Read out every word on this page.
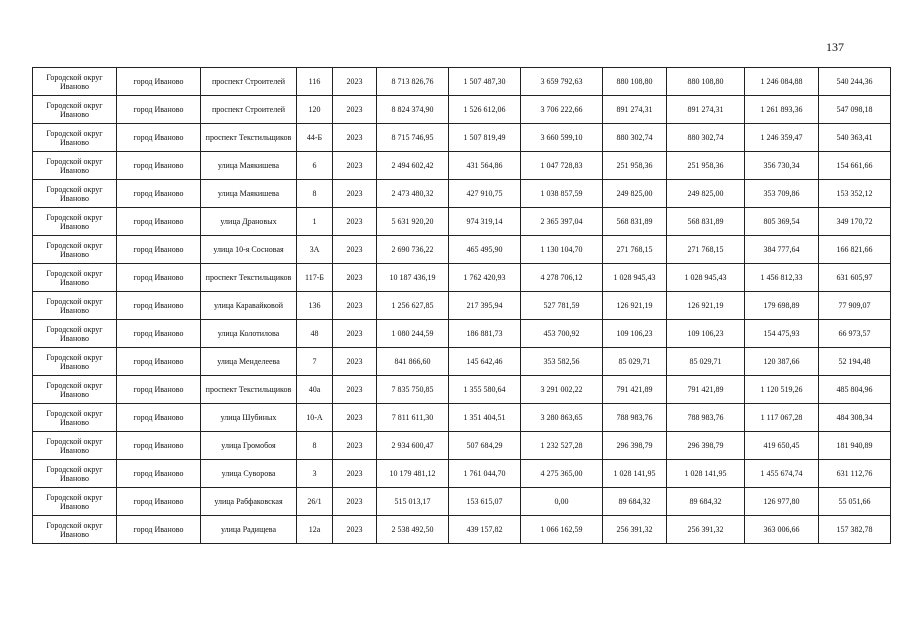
137
Городской округ Иваново	город Иваново	проспект Строителей	116	2023	8 713 826,76	1 507 487,30	3 659 792,63	880 108,80	880 108,80	1 246 084,88	540 244,36
Городской округ Иваново	город Иваново	проспект Строителей	120	2023	8 824 374,90	1 526 612,06	3 706 222,66	891 274,31	891 274,31	1 261 893,36	547 098,18
Городской округ Иваново	город Иваново	проспект Текстильщиков	44-Б	2023	8 715 746,95	1 507 819,49	3 660 599,10	880 302,74	880 302,74	1 246 359,47	540 363,41
Городской округ Иваново	город Иваново	улица Маякишева	6	2023	2 494 602,42	431 564,86	1 047 728,83	251 958,36	251 958,36	356 730,34	154 661,66
Городской округ Иваново	город Иваново	улица Маякишева	8	2023	2 473 480,32	427 910,75	1 038 857,59	249 825,00	249 825,00	353 709,86	153 352,12
Городской округ Иваново	город Иваново	улица Драновых	1	2023	5 631 920,20	974 319,14	2 365 397,04	568 831,89	568 831,89	805 369,54	349 170,72
Городской округ Иваново	город Иваново	улица 10-я Сосновая	3А	2023	2 690 736,22	465 495,90	1 130 104,70	271 768,15	271 768,15	384 777,64	166 821,66
Городской округ Иваново	город Иваново	проспект Текстильщиков	117-Б	2023	10 187 436,19	1 762 420,93	4 278 706,12	1 028 945,43	1 028 945,43	1 456 812,33	631 605,97
Городской округ Иваново	город Иваново	улица Каравайковой	136	2023	1 256 627,85	217 395,94	527 781,59	126 921,19	126 921,19	179 698,89	77 909,07
Городской округ Иваново	город Иваново	улица Колотилова	48	2023	1 080 244,59	186 881,73	453 700,92	109 106,23	109 106,23	154 475,93	66 973,57
Городской округ Иваново	город Иваново	улица Менделеева	7	2023	841 866,60	145 642,46	353 582,56	85 029,71	85 029,71	120 387,66	52 194,48
Городской округ Иваново	город Иваново	проспект Текстильщиков	40а	2023	7 835 750,85	1 355 580,64	3 291 002,22	791 421,89	791 421,89	1 120 519,26	485 804,96
Городской округ Иваново	город Иваново	улица Шубиных	10-А	2023	7 811 611,30	1 351 404,51	3 280 863,65	788 983,76	788 983,76	1 117 067,28	484 308,34
Городской округ Иваново	город Иваново	улица Громобоя	8	2023	2 934 600,47	507 684,29	1 232 527,28	296 398,79	296 398,79	419 650,45	181 940,89
Городской округ Иваново	город Иваново	улица Суворова	3	2023	10 179 481,12	1 761 044,70	4 275 365,00	1 028 141,95	1 028 141,95	1 455 674,74	631 112,76
Городской округ Иваново	город Иваново	улица Рабфаковская	26/1	2023	515 013,17	153 615,07	0,00	89 684,32	89 684,32	126 977,80	55 051,66
Городской округ Иваново	город Иваново	улица Радищева	12а	2023	2 538 492,50	439 157,82	1 066 162,59	256 391,32	256 391,32	363 006,66	157 382,78
